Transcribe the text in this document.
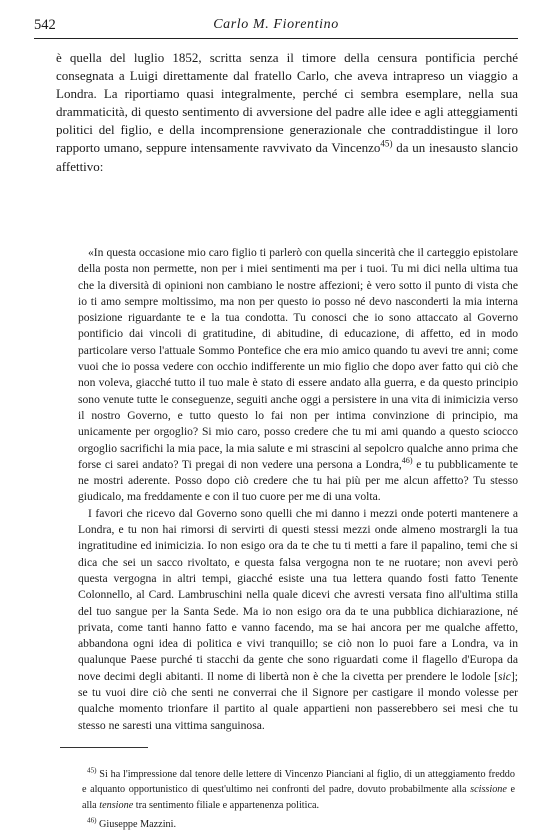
542	Carlo M. Fiorentino

è quella del luglio 1852, scritta senza il timore della censura pontificia perché consegnata a Luigi direttamente dal fratello Carlo, che aveva intrapreso un viaggio a Londra. La riportiamo quasi integralmente, perché ci sembra esemplare, nella sua drammaticità, di questo sentimento di avversione del padre alle idee e agli atteggiamenti politici del figlio, e della incomprensione generazionale che contraddistingue il loro rapporto umano, seppure intensamente ravvivato da Vincenzo$^{45)}$ da un inesausto slancio affettivo:

«In questa occasione mio caro figlio ti parlerò con quella sincerità che il carteggio epistolare della posta non permette, non per i miei sentimenti ma per i tuoi. Tu mi dici nella ultima tua che la diversità di opinioni non cambiano le nostre affezioni; è vero sotto il punto di vista che io ti amo sempre moltissimo, ma non per questo io posso né devo nasconderti la mia interna posizione riguardante te e la tua condotta. Tu conosci che io sono attaccato al Governo pontificio dai vincoli di gratitudine, di abitudine, di educazione, di affetto, ed in modo particolare verso l'attuale Sommo Pontefice che era mio amico quando tu avevi tre anni; come vuoi che io possa vedere con occhio indifferente un mio figlio che dopo aver fatto qui ciò che non voleva, giacché tutto il tuo male è stato di essere andato alla guerra, e da questo principio sono venute tutte le conseguenze, seguiti anche oggi a persistere in una vita di inimicizia verso il nostro Governo, e tutto questo lo fai non per intima convinzione di principio, ma unicamente per orgoglio? Si mio caro, posso credere che tu mi ami quando a questo sciocco orgoglio sacrifichi la mia pace, la mia salute e mi strascini al sepolcro qualche anno prima che forse ci sarei andato? Ti pregai di non vedere una persona a Londra,$^{46)}$ e tu pubblicamente te ne mostri aderente. Posso dopo ciò credere che tu hai più per me alcun affetto? Tu stesso giudicalo, ma freddamente e con il tuo cuore per me di una volta.

I favori che ricevo dal Governo sono quelli che mi danno i mezzi onde poterti mantenere a Londra, e tu non hai rimorsi di servirti di questi stessi mezzi onde almeno mostrargli la tua ingratitudine ed inimicizia. Io non esigo ora da te che tu ti metti a fare il papalino, temi che si dica che sei un sacco rivoltato, e questa falsa vergogna non te ne ruotare; non avevi però questa vergogna in altri tempi, giacché esiste una tua lettera quando fosti fatto Tenente Colonnello, al Card. Lambruschini nella quale dicevi che avresti versata fino all'ultima stilla del tuo sangue per la Santa Sede. Ma io non esigo ora da te una pubblica dichiarazione, né privata, come tanti hanno fatto e vanno facendo, ma se hai ancora per me qualche affetto, abbandona ogni idea di politica e vivi tranquillo; se ciò non lo puoi fare a Londra, va in qualunque Paese purché ti stacchi da gente che sono riguardati come il flagello d'Europa da nove decimi degli abitanti. Il nome di libertà non è che la civetta per prendere le lodole [sic]; se tu vuoi dire ciò che senti ne converrai che il Signore per castigare il mondo volesse per qualche momento trionfare il partito al quale appartieni non passerebbero sei mesi che tu stesso ne saresti una vittima sanguinosa.

$^{45)}$ Si ha l'impressione dal tenore delle lettere di Vincenzo Pianciani al figlio, di un atteggiamento freddo e alquanto opportunistico di quest'ultimo nei confronti del padre, dovuto probabilmente alla scissione e alla tensione tra sentimento filiale e appartenenza politica.

$^{46)}$ Giuseppe Mazzini.
